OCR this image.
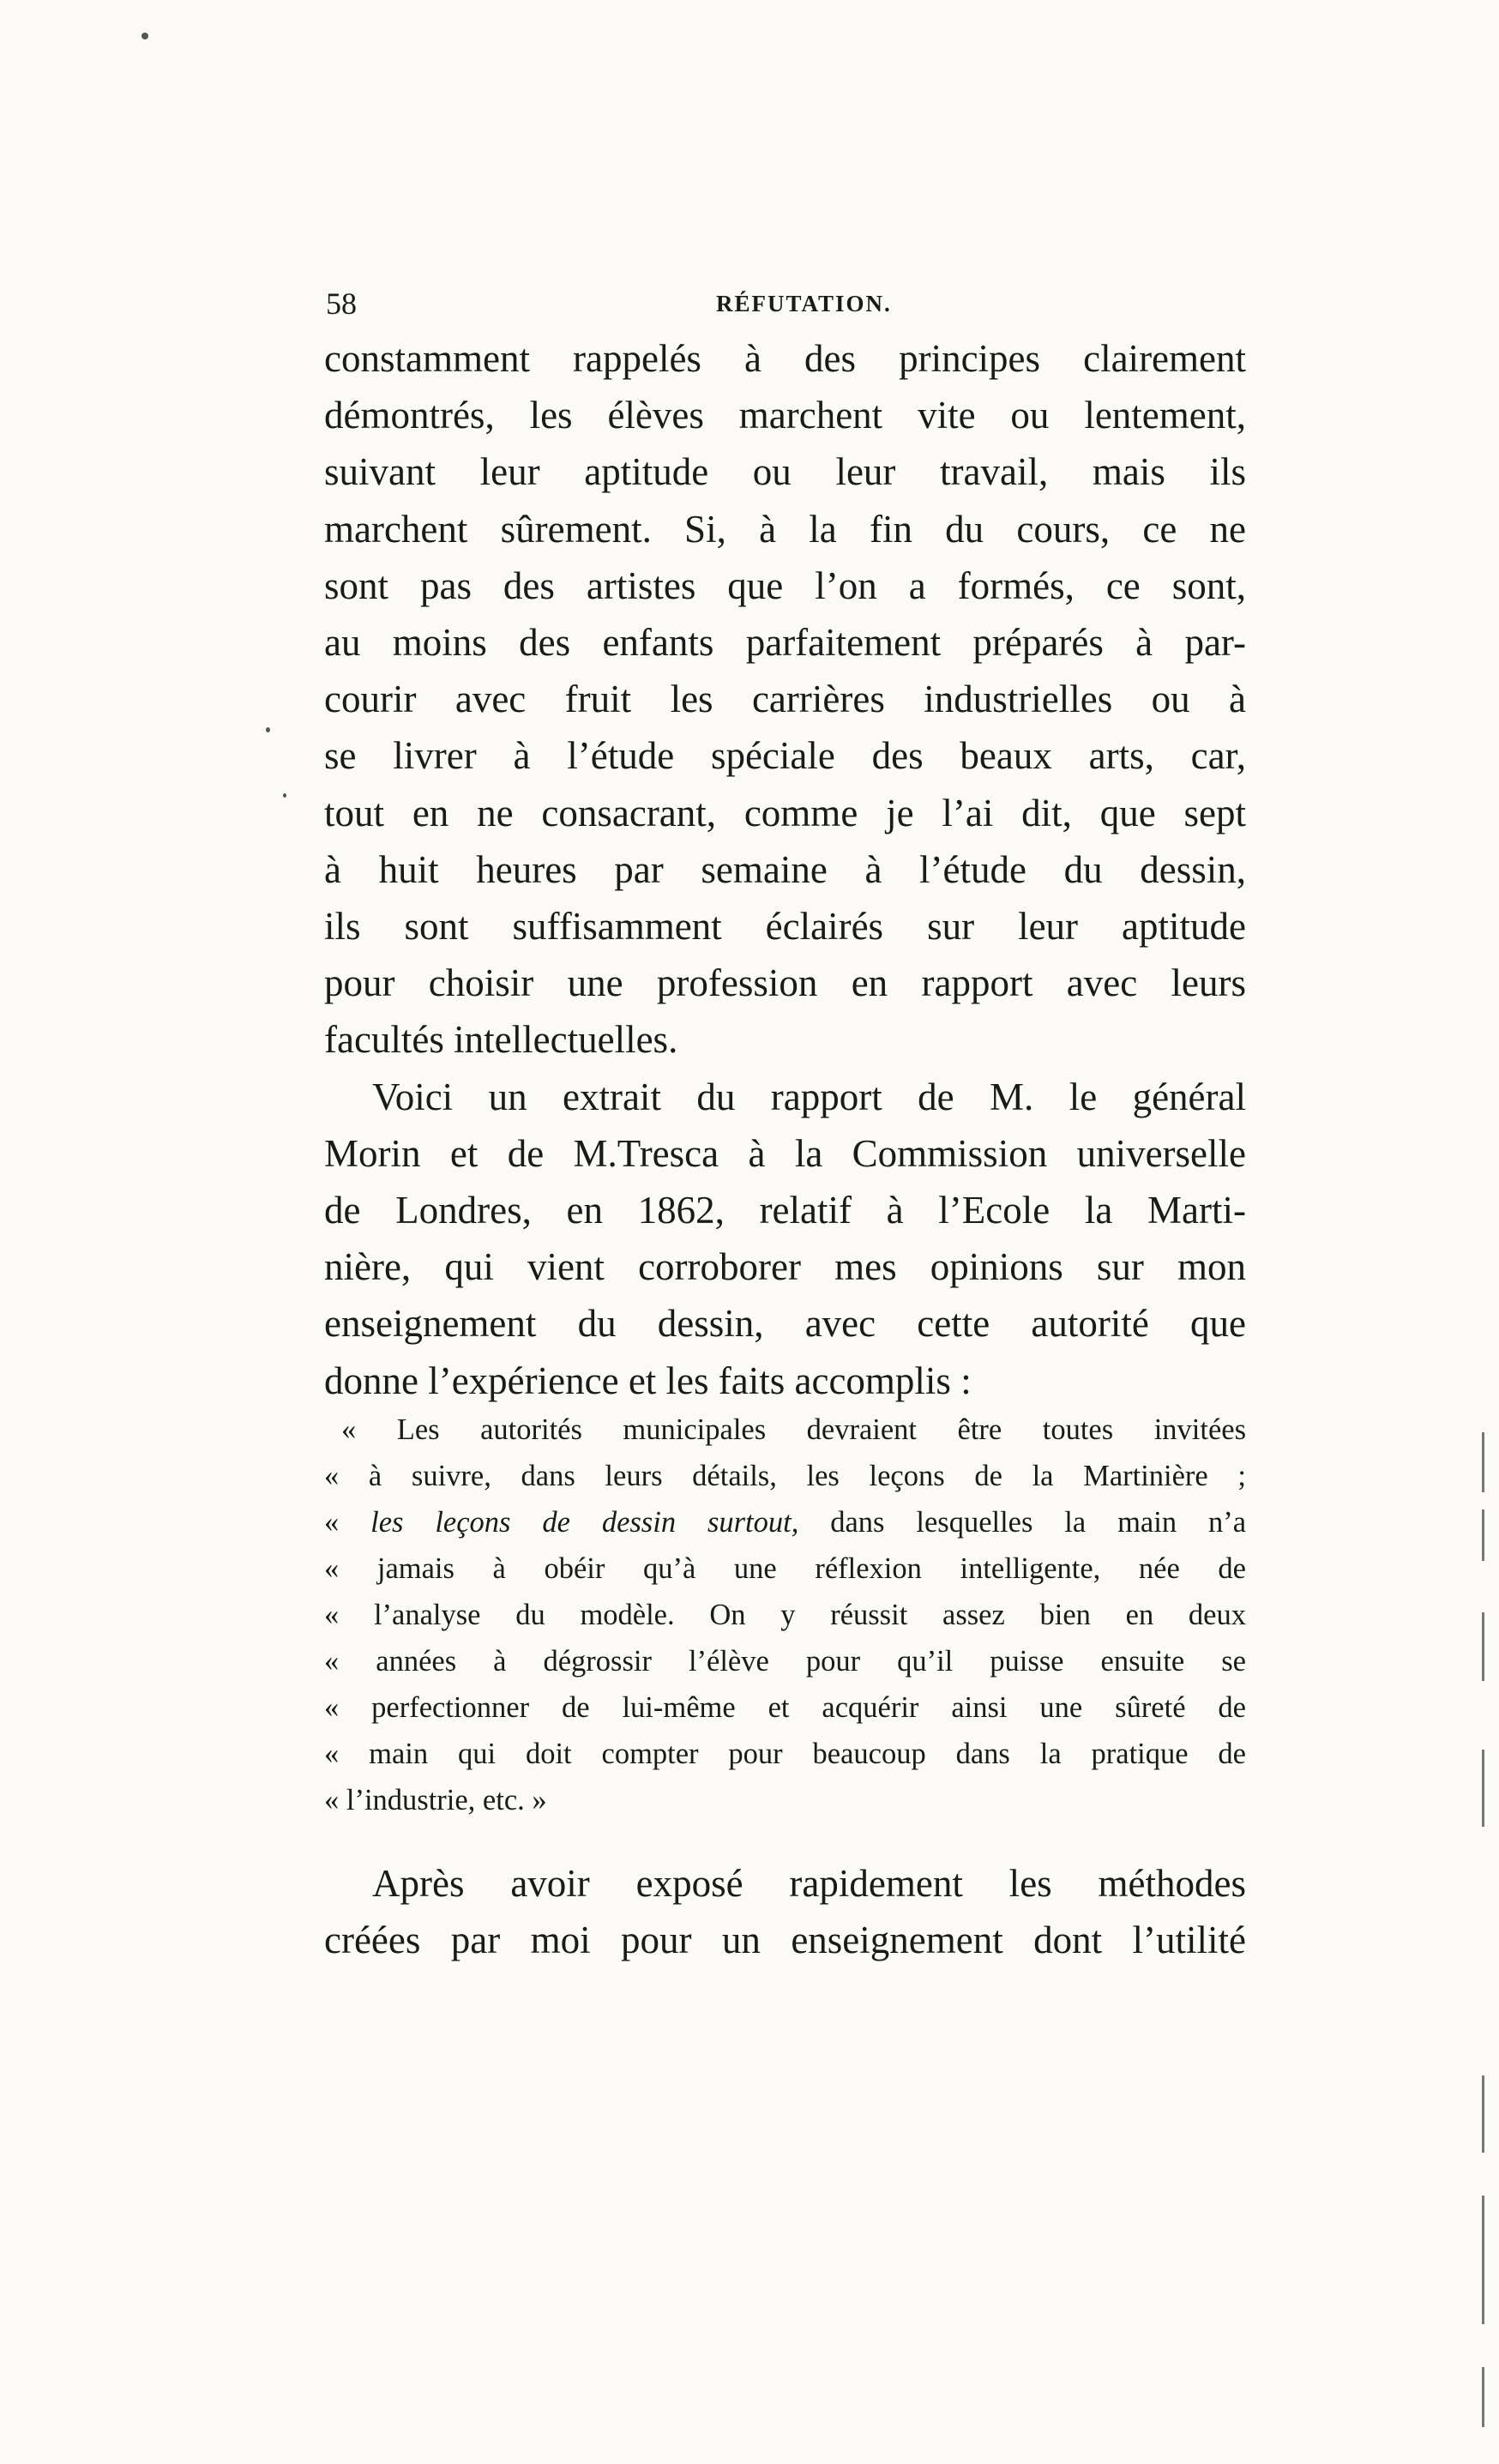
58	RÉFUTATION.

constamment rappelés à des principes clairement
démontrés, les élèves marchent vite ou lentement,
suivant leur aptitude ou leur travail, mais ils
marchent sûrement. Si, à la fin du cours, ce ne
sont pas des artistes que l’on a formés, ce sont,
au moins des enfants parfaitement préparés à par-
courir avec fruit les carrières industrielles ou à
se livrer à l’étude spéciale des beaux arts, car,
tout en ne consacrant, comme je l’ai dit, que sept
à huit heures par semaine à l’étude du dessin,
ils sont suffisamment éclairés sur leur aptitude
pour choisir une profession en rapport avec leurs
facultés intellectuelles.

Voici un extrait du rapport de M. le général
Morin et de M.Tresca à la Commission universelle
de Londres, en 1862, relatif à l’Ecole la Marti-
nière, qui vient corroborer mes opinions sur mon
enseignement du dessin, avec cette autorité que
donne l’expérience et les faits accomplis :

« Les autorités municipales devraient être toutes invitées
« à suivre, dans leurs détails, les leçons de la Martinière ;
« les leçons de dessin surtout, dans lesquelles la main n’a
« jamais à obéir qu’à une réflexion intelligente, née de
« l’analyse du modèle. On y réussit assez bien en deux
« années à dégrossir l’élève pour qu’il puisse ensuite se
« perfectionner de lui-même et acquérir ainsi une sûreté de
« main qui doit compter pour beaucoup dans la pratique de
« l’industrie, etc. »

Après avoir exposé rapidement les méthodes
créées par moi pour un enseignement dont l’utilité
